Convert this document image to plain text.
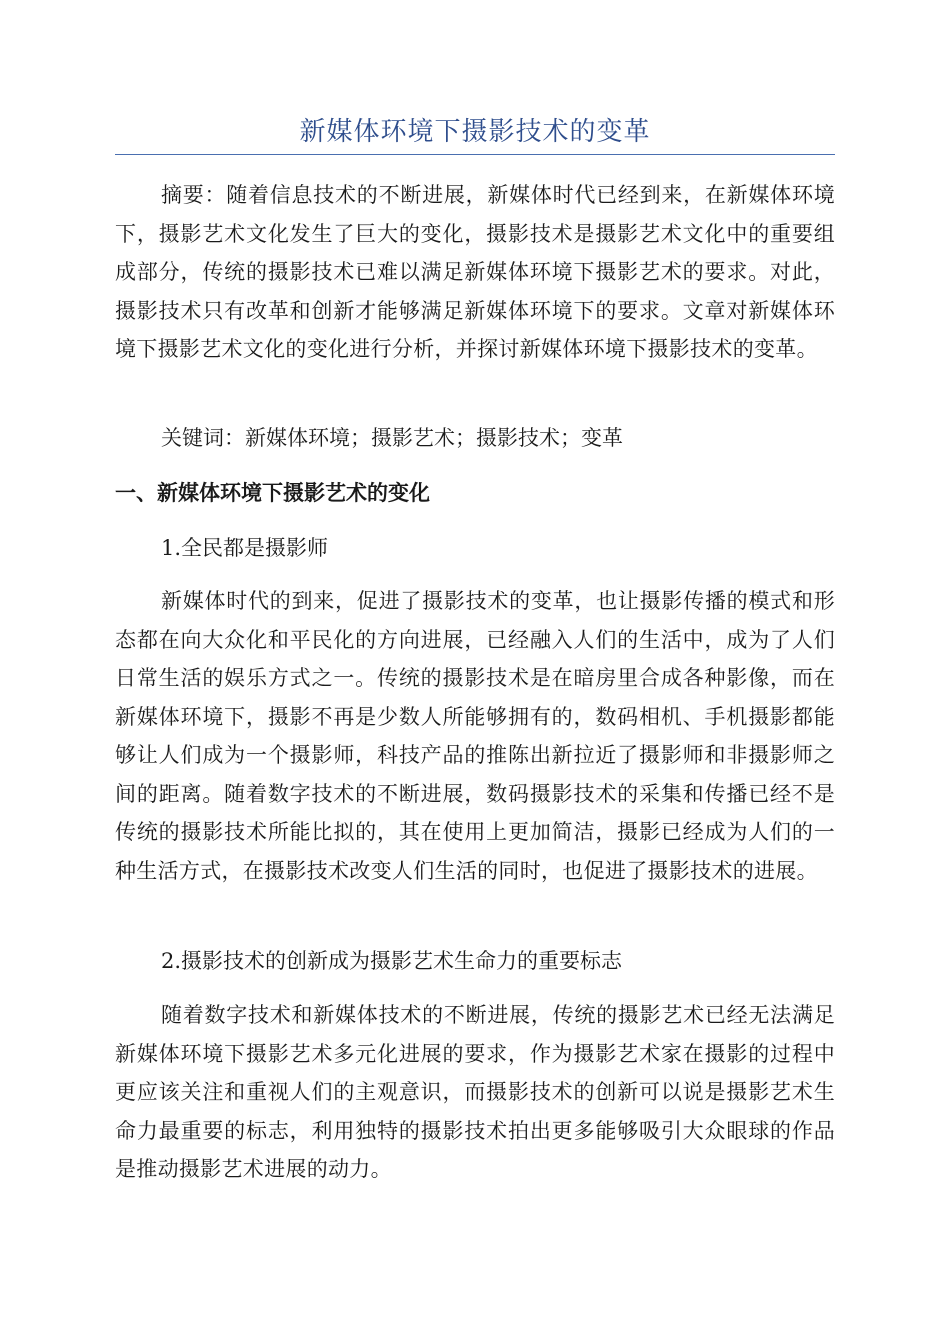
新媒体环境下摄影技术的变革

摘要：随着信息技术的不断进展，新媒体时代已经到来，在新媒体环境下，摄影艺术文化发生了巨大的变化，摄影技术是摄影艺术文化中的重要组成部分，传统的摄影技术已难以满足新媒体环境下摄影艺术的要求。对此，摄影技术只有改革和创新才能够满足新媒体环境下的要求。文章对新媒体环境下摄影艺术文化的变化进行分析，并探讨新媒体环境下摄影技术的变革。

关键词：新媒体环境；摄影艺术；摄影技术；变革

一、新媒体环境下摄影艺术的变化

1.全民都是摄影师

新媒体时代的到来，促进了摄影技术的变革，也让摄影传播的模式和形态都在向大众化和平民化的方向进展，已经融入人们的生活中，成为了人们日常生活的娱乐方式之一。传统的摄影技术是在暗房里合成各种影像，而在新媒体环境下，摄影不再是少数人所能够拥有的，数码相机、手机摄影都能够让人们成为一个摄影师，科技产品的推陈出新拉近了摄影师和非摄影师之间的距离。随着数字技术的不断进展，数码摄影技术的采集和传播已经不是传统的摄影技术所能比拟的，其在使用上更加简洁，摄影已经成为人们的一种生活方式，在摄影技术改变人们生活的同时，也促进了摄影技术的进展。

2.摄影技术的创新成为摄影艺术生命力的重要标志

随着数字技术和新媒体技术的不断进展，传统的摄影艺术已经无法满足新媒体环境下摄影艺术多元化进展的要求，作为摄影艺术家在摄影的过程中更应该关注和重视人们的主观意识，而摄影技术的创新可以说是摄影艺术生命力最重要的标志，利用独特的摄影技术拍出更多能够吸引大众眼球的作品是推动摄影艺术进展的动力。
